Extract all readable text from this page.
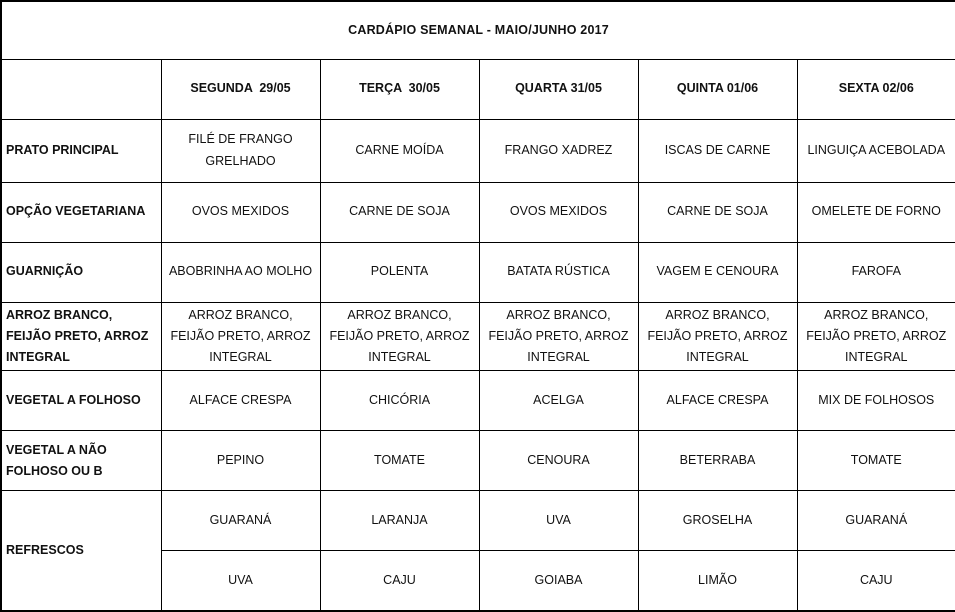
CARDÁPIO SEMANAL - MAIO/JUNHO 2017					
	SEGUNDA  29/05	TERÇA  30/05	QUARTA 31/05	QUINTA 01/06	SEXTA 02/06
PRATO PRINCIPAL	FILÉ DE FRANGO GRELHADO	CARNE MOÍDA	FRANGO XADREZ	ISCAS DE CARNE	LINGUIÇA ACEBOLADA
OPÇÃO VEGETARIANA	OVOS MEXIDOS	CARNE DE SOJA	OVOS MEXIDOS	CARNE DE SOJA	OMELETE DE FORNO
GUARNIÇÃO	ABOBRINHA AO MOLHO	POLENTA	BATATA RÚSTICA	VAGEM E CENOURA	FAROFA
ARROZ BRANCO, FEIJÃO PRETO, ARROZ INTEGRAL	ARROZ BRANCO, FEIJÃO PRETO, ARROZ INTEGRAL	ARROZ BRANCO, FEIJÃO PRETO, ARROZ INTEGRAL	ARROZ BRANCO, FEIJÃO PRETO, ARROZ INTEGRAL	ARROZ BRANCO, FEIJÃO PRETO, ARROZ INTEGRAL	ARROZ BRANCO, FEIJÃO PRETO, ARROZ INTEGRAL
VEGETAL A FOLHOSO	ALFACE CRESPA	CHICÓRIA	ACELGA	ALFACE CRESPA	MIX DE FOLHOSOS
VEGETAL A NÃO FOLHOSO OU B	PEPINO	TOMATE	CENOURA	BETERRABA	TOMATE
REFRESCOS	GUARANÁ	LARANJA	UVA	GROSELHA	GUARANÁ
	UVA	CAJU	GOIABA	LIMÃO	CAJU
